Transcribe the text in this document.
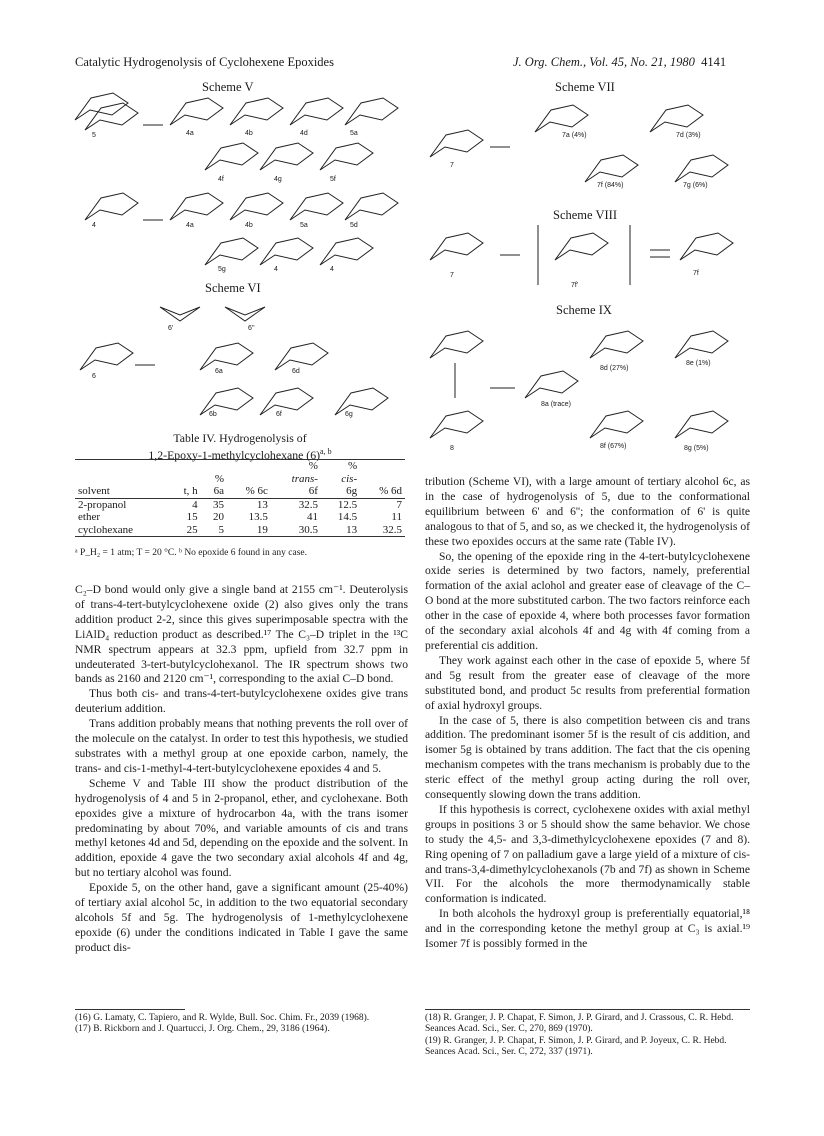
Catalytic Hydrogenolysis of Cyclohexene Epoxides	J. Org. Chem., Vol. 45, No. 21, 1980 4141
Scheme V
5	4a	4b	4d	5a
4f	4g	5f
4	4a	4b	5a	5d
5g	4	4
Scheme VI
6'	6''
6
6a	6d
6b	6f	6g
Table IV. Hydrogenolysis of
1,2-Epoxy-1-methylcyclohexane $(6)^{a, b}$
				%	%	
		%		trans-	cis-	
solvent	t, h	6a	% 6c	6f	6g	% 6d
2-propanol	4	35	13	32.5	12.5	7
ether	15	20	13.5	41	14.5	11
cyclohexane	25	5	19	30.5	13	32.5
ᵃ P_H₂ = 1 atm; T = 20 °C. ᵇ No epoxide 6 found in any case.

C₂–D bond would only give a single band at 2155 cm⁻¹. Deuterolysis of trans-4-tert-butylcyclohexene oxide (2) also gives only the trans addition product 2-2, since this gives superimposable spectra with the LiAlD₄ reduction product as described.¹⁷ The C₃–D triplet in the ¹³C NMR spectrum appears at 32.3 ppm, upfield from 32.7 ppm in undeuterated 3-tert-butylcyclohexanol. The IR spectrum shows two bands as 2160 and 2120 cm⁻¹, corresponding to the axial C–D bond.

Thus both cis- and trans-4-tert-butylcyclohexene oxides give trans deuterium addition.

Trans addition probably means that nothing prevents the roll over of the molecule on the catalyst. In order to test this hypothesis, we studied substrates with a methyl group at one epoxide carbon, namely, the trans- and cis-1-methyl-4-tert-butylcyclohexene epoxides 4 and 5.

Scheme V and Table III show the product distribution of the hydrogenolysis of 4 and 5 in 2-propanol, ether, and cyclohexane. Both epoxides give a mixture of hydrocarbon 4a, with the trans isomer predominating by about 70%, and variable amounts of cis and trans methyl ketones 4d and 5d, depending on the epoxide and the solvent. In addition, epoxide 4 gave the two secondary axial alcohols 4f and 4g, but no tertiary alcohol was found.

Epoxide 5, on the other hand, gave a significant amount (25-40%) of tertiary axial alcohol 5c, in addition to the two equatorial secondary alcohols 5f and 5g. The hydrogenolysis of 1-methylcyclohexene epoxide (6) under the conditions indicated in Table I gave the same product dis-

(16) G. Lamaty, C. Tapiero, and R. Wylde, Bull. Soc. Chim. Fr., 2039 (1968).

(17) B. Rickborn and J. Quartucci, J. Org. Chem., 29, 3186 (1964).

Scheme VII
7
7a (4%)	7d (3%)
7f (84%)	7g (6%)
Scheme VIII
7
7f'
7f
Scheme IX
8d (27%)
8e (1%)
8a (trace)
8	8f (67%)	8g (5%)

tribution (Scheme VI), with a large amount of tertiary alcohol 6c, as in the case of hydrogenolysis of 5, due to the conformational equilibrium between 6' and 6''; the conformation of 6' is quite analogous to that of 5, and so, as we checked it, the hydrogenolysis of these two epoxides occurs at the same rate (Table IV).

So, the opening of the epoxide ring in the 4-tert-butylcyclohexene oxide series is determined by two factors, namely, preferential formation of the axial aclohol and greater ease of cleavage of the C–O bond at the more substituted carbon. The two factors reinforce each other in the case of epoxide 4, where both processes favor formation of the secondary axial alcohols 4f and 4g with 4f coming from a preferential cis addition.

They work against each other in the case of epoxide 5, where 5f and 5g result from the greater ease of cleavage of the more substituted bond, and product 5c results from preferential formation of axial hydroxyl groups.

In the case of 5, there is also competition between cis and trans addition. The predominant isomer 5f is the result of cis addition, and isomer 5g is obtained by trans addition. The fact that the cis opening mechanism competes with the trans mechanism is probably due to the steric effect of the methyl group acting during the roll over, consequently slowing down the trans addition.

If this hypothesis is correct, cyclohexene oxides with axial methyl groups in positions 3 or 5 should show the same behavior. We chose to study the 4,5- and 3,3-dimethylcyclohexene epoxides (7 and 8). Ring opening of 7 on palladium gave a large yield of a mixture of cis- and trans-3,4-dimethylcyclohexanols (7b and 7f) as shown in Scheme VII. For the alcohols the more thermodynamically stable conformation is indicated.

In both alcohols the hydroxyl group is preferentially equatorial,¹⁸ and in the corresponding ketone the methyl group at C₃ is axial.¹⁹ Isomer 7f is possibly formed in the

(18) R. Granger, J. P. Chapat, F. Simon, J. P. Girard, and J. Crassous, C. R. Hebd. Seances Acad. Sci., Ser. C, 270, 869 (1970).

(19) R. Granger, J. P. Chapat, F. Simon, J. P. Girard, and P. Joyeux, C. R. Hebd. Seances Acad. Sci., Ser. C, 272, 337 (1971).
